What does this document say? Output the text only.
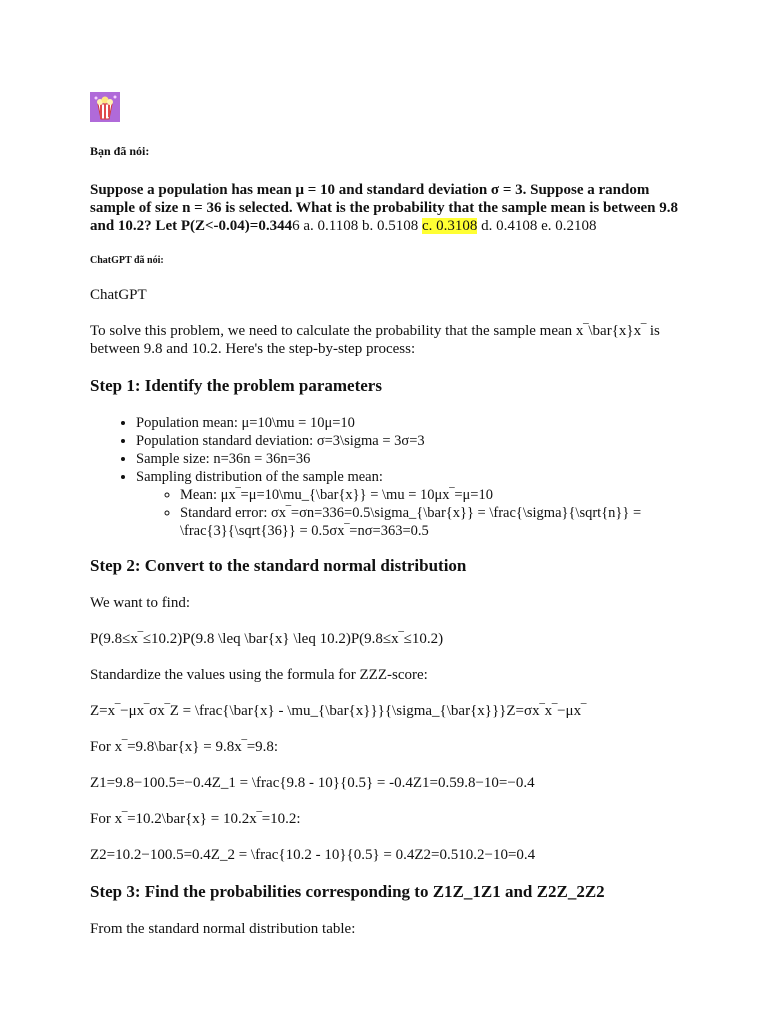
Bạn đã nói:
Suppose a population has mean μ = 10 and standard deviation σ = 3. Suppose a random sample of size n = 36 is selected. What is the probability that the sample mean is between 9.8 and 10.2? Let P(Z<-0.04)=0.3446 a. 0.1108 b. 0.5108 c. 0.3108 d. 0.4108 e. 0.2108
ChatGPT đã nói:

ChatGPT

To solve this problem, we need to calculate the probability that the sample mean x‾\bar{x}x‾ is between 9.8 and 10.2. Here's the step-by-step process:

Step 1: Identify the problem parameters
• Population mean: μ=10\mu = 10μ=10
• Population standard deviation: σ=3\sigma = 3σ=3
• Sample size: n=36n = 36n=36
• Sampling distribution of the sample mean:
◦ Mean: μx‾=μ=10\mu_{\bar{x}} = \mu = 10μx‾=μ=10
◦ Standard error: σx‾=σn=336=0.5\sigma_{\bar{x}} = \frac{\sigma}{\sqrt{n}} = \frac{3}{\sqrt{36}} = 0.5σx‾=nσ=363=0.5
Step 2: Convert to the standard normal distribution

We want to find:

P(9.8≤x‾≤10.2)P(9.8 \leq \bar{x} \leq 10.2)P(9.8≤x‾≤10.2)

Standardize the values using the formula for ZZZ-score:

Z=x‾−μx‾σx‾Z = \frac{\bar{x} - \mu_{\bar{x}}}{\sigma_{\bar{x}}}Z=σx‾x‾−μx‾

For x‾=9.8\bar{x} = 9.8x‾=9.8:

Z1=9.8−100.5=−0.4Z_1 = \frac{9.8 - 10}{0.5} = -0.4Z1=0.59.8−10=−0.4

For x‾=10.2\bar{x} = 10.2x‾=10.2:

Z2=10.2−100.5=0.4Z_2 = \frac{10.2 - 10}{0.5} = 0.4Z2=0.510.2−10=0.4

Step 3: Find the probabilities corresponding to Z1Z_1Z1 and Z2Z_2Z2

From the standard normal distribution table:
